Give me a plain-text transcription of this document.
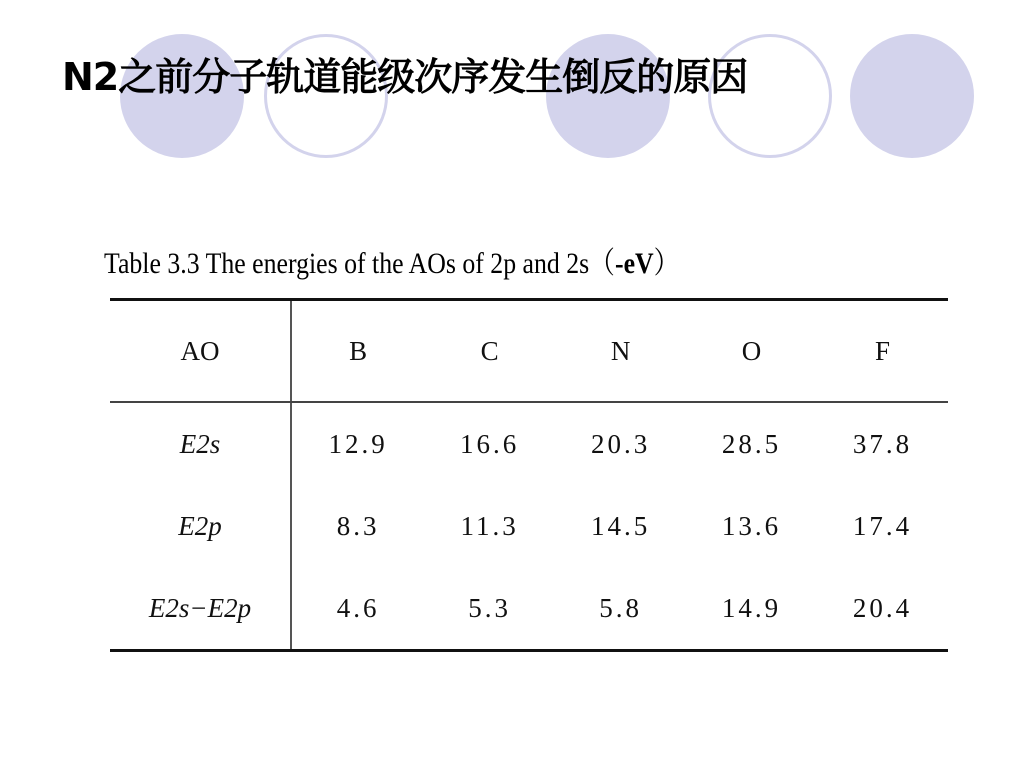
N2之前分子轨道能级次序发生倒反的原因
Table 3.3 The energies of the AOs of 2p and 2s（-eV）
AO	B	C	N	O	F
E2s	12.9	16.6	20.3	28.5	37.8
E2p	8.3	11.3	14.5	13.6	17.4
E2s−E2p	4.6	5.3	5.8	14.9	20.4
